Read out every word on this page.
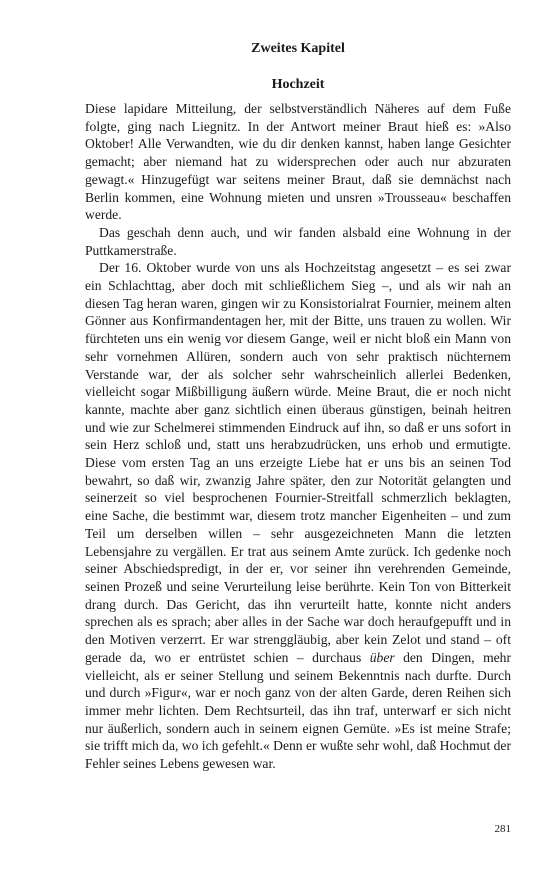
Zweites Kapitel
Hochzeit

Diese lapidare Mitteilung, der selbstverständlich Näheres auf dem Fuße folgte, ging nach Liegnitz. In der Antwort meiner Braut hieß es: »Also Oktober! Alle Verwandten, wie du dir denken kannst, haben lange Gesichter gemacht; aber niemand hat zu widersprechen oder auch nur abzuraten gewagt.« Hinzugefügt war seitens meiner Braut, daß sie demnächst nach Berlin kommen, eine Wohnung mieten und unsren »Trousseau« beschaffen werde.

Das geschah denn auch, und wir fanden alsbald eine Wohnung in der Puttkamerstraße.

Der 16. Oktober wurde von uns als Hochzeitstag angesetzt – es sei zwar ein Schlachttag, aber doch mit schließlichem Sieg –, und als wir nah an diesen Tag heran waren, gingen wir zu Konsistorialrat Fournier, meinem alten Gönner aus Konfirmandentagen her, mit der Bitte, uns trauen zu wollen. Wir fürchteten uns ein wenig vor diesem Gange, weil er nicht bloß ein Mann von sehr vornehmen Allüren, sondern auch von sehr praktisch nüchternem Verstande war, der als solcher sehr wahrscheinlich allerlei Bedenken, vielleicht sogar Mißbilligung äußern würde. Meine Braut, die er noch nicht kannte, machte aber ganz sichtlich einen überaus günstigen, beinah heitren und wie zur Schelmerei stimmenden Eindruck auf ihn, so daß er uns sofort in sein Herz schloß und, statt uns herabzudrücken, uns erhob und ermutigte. Diese vom ersten Tag an uns erzeigte Liebe hat er uns bis an seinen Tod bewahrt, so daß wir, zwanzig Jahre später, den zur Notorität gelangten und seinerzeit so viel besprochenen Fournier-Streitfall schmerzlich beklagten, eine Sache, die bestimmt war, diesem trotz mancher Eigenheiten – und zum Teil um derselben willen – sehr ausgezeichneten Mann die letzten Lebensjahre zu vergällen. Er trat aus seinem Amte zurück. Ich gedenke noch seiner Abschiedspredigt, in der er, vor seiner ihn verehrenden Gemeinde, seinen Prozeß und seine Verurteilung leise berührte. Kein Ton von Bitterkeit drang durch. Das Gericht, das ihn verurteilt hatte, konnte nicht anders sprechen als es sprach; aber alles in der Sache war doch heraufgepufft und in den Motiven verzerrt. Er war strenggläubig, aber kein Zelot und stand – oft gerade da, wo er entrüstet schien – durchaus über den Dingen, mehr vielleicht, als er seiner Stellung und seinem Bekenntnis nach durfte. Durch und durch »Figur«, war er noch ganz von der alten Garde, deren Reihen sich immer mehr lichten. Dem Rechtsurteil, das ihn traf, unterwarf er sich nicht nur äußerlich, sondern auch in seinem eignen Gemüte. »Es ist meine Strafe; sie trifft mich da, wo ich gefehlt.« Denn er wußte sehr wohl, daß Hochmut der Fehler seines Lebens gewesen war.

281
